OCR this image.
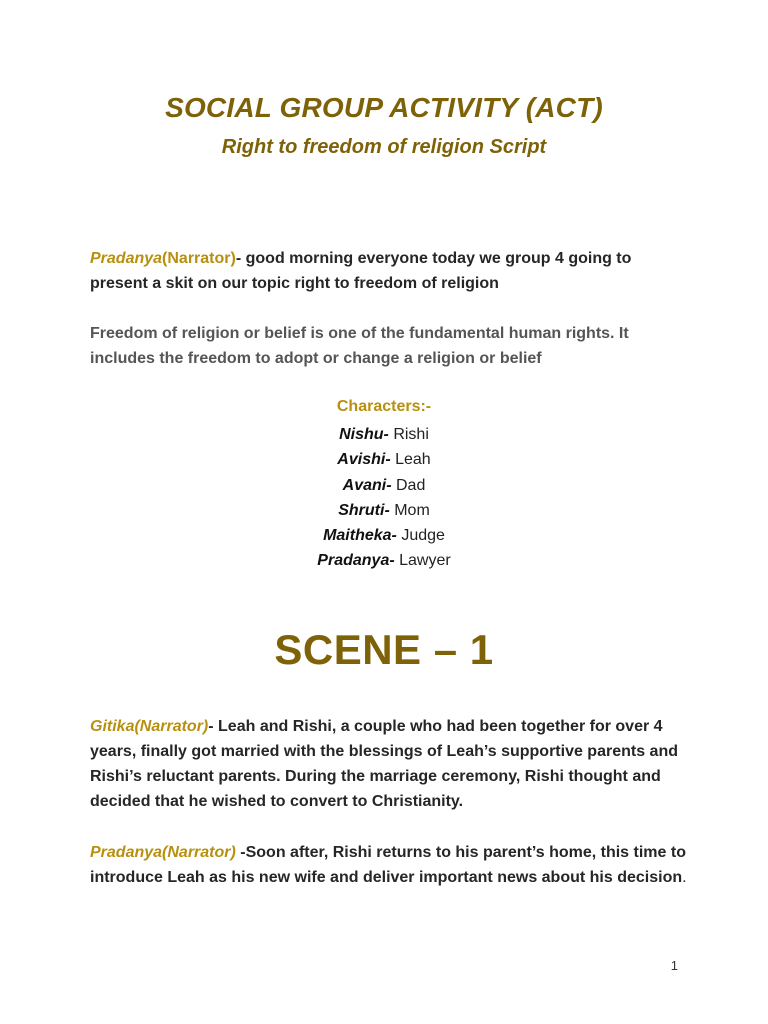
SOCIAL GROUP ACTIVITY (ACT)
Right to freedom of religion Script
Pradanya(Narrator)- good morning everyone today we group 4 going to present a skit on our topic right to freedom of religion
Freedom of religion or belief is one of the fundamental human rights. It includes the freedom to adopt or change a religion or belief
Characters:-
Nishu- Rishi
Avishi- Leah
Avani- Dad
Shruti- Mom
Maitheka- Judge
Pradanya- Lawyer
SCENE – 1
Gitika(Narrator)- Leah and Rishi, a couple who had been together for over 4 years, finally got married with the blessings of Leah’s supportive parents and Rishi’s reluctant parents. During the marriage ceremony, Rishi thought and decided that he wished to convert to Christianity.
Pradanya(Narrator) -Soon after, Rishi returns to his parent’s home, this time to introduce Leah as his new wife and deliver important news about his decision.
1
